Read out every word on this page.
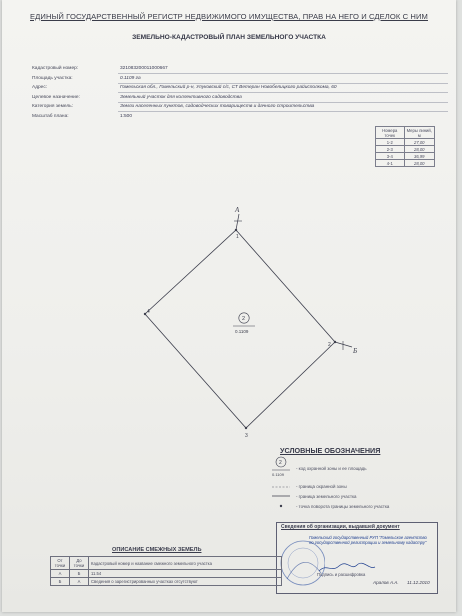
ЕДИНЫЙ ГОСУДАРСТВЕННЫЙ РЕГИСТР НЕДВИЖИМОГО ИМУЩЕСТВА, ПРАВ НА НЕГО И СДЕЛОК С НИМ
ЗЕМЕЛЬНО-КАДАСТРОВЫЙ ПЛАН ЗЕМЕЛЬНОГО УЧАСТКА
Кадастровый номер:	321083200011000667
Площадь участка:	0.1109 га
Адрес:	Гомельская обл., Гомельский р-н, Улуковский с/с, СТ Ветеран Новобелицкого райисполкома, 60
Целевое назначение:	Земельный участок для коллективного садоводства
Категория земель:	Земли населенных пунктов, садоводческих товариществ и дачного строительства
Масштаб плана:	1:500
Номера точек	Меры линий, м
1-2	27,00
2-3	28,00
3-4	36,99
4-1	28,00
1
2
3
4
А
Б
2
0.1109
УСЛОВНЫЕ ОБОЗНАЧЕНИЯ
2
0.1109
- код охранной зоны и ее площадь
- граница охранной зоны
- граница земельного участка
- точка поворота границы земельного участка
Сведения об организации, выдавшей документ
Гомельский государственный РУП "Гомельское агентство по государственной регистрации и земельному кадастру"
Подпись и расшифровка
Аралов А.А. 11.12.2010
ОПИСАНИЕ СМЕЖНЫХ ЗЕМЕЛЬ
От точки	До точки	Кадастровый номер и название смежного земельного участка
А	Б	11.54
Б	А	Сведения о зарегистрированных участках отсутствуют
